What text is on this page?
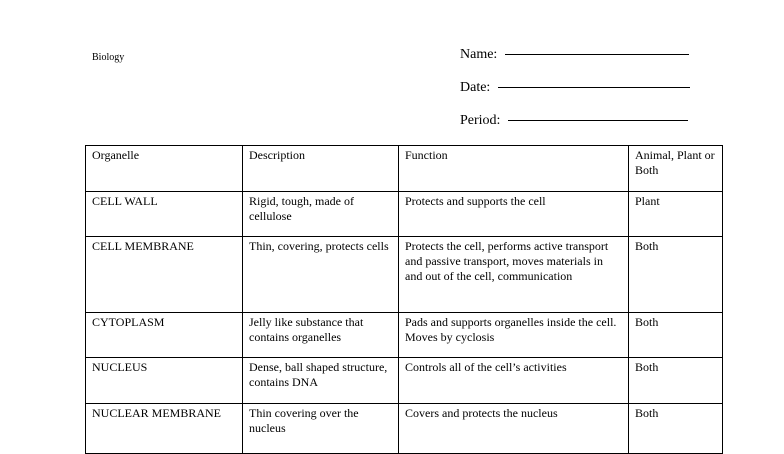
Biology	Name:
Date:
Period:
Organelle	Description	Function	Animal, Plant or Both
CELL WALL	Rigid, tough, made of cellulose	Protects and supports the cell	Plant
CELL MEMBRANE	Thin, covering, protects cells	Protects the cell, performs active transport and passive transport, moves materials in and out of the cell, communication	Both
CYTOPLASM	Jelly like substance that contains organelles	Pads and supports organelles inside the cell. Moves by cyclosis	Both
NUCLEUS	Dense, ball shaped structure, contains DNA	Controls all of the cell’s activities	Both
NUCLEAR MEMBRANE	Thin covering over the nucleus	Covers and protects the nucleus	Both
